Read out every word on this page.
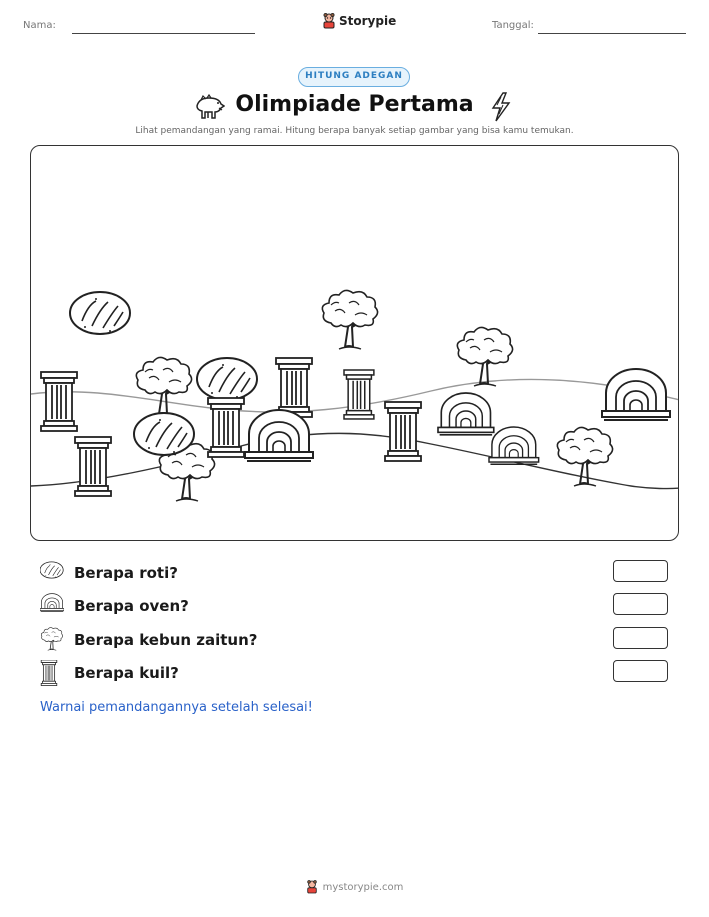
Nama:	Storypie	Tanggal:
HITUNG ADEGAN
Olimpiade Pertama
Lihat pemandangan yang ramai. Hitung berapa banyak setiap gambar yang bisa kamu temukan.
Berapa roti?
Berapa oven?
Berapa kebun zaitun?
Berapa kuil?
Warnai pemandangannya setelah selesai!
mystorypie.com
